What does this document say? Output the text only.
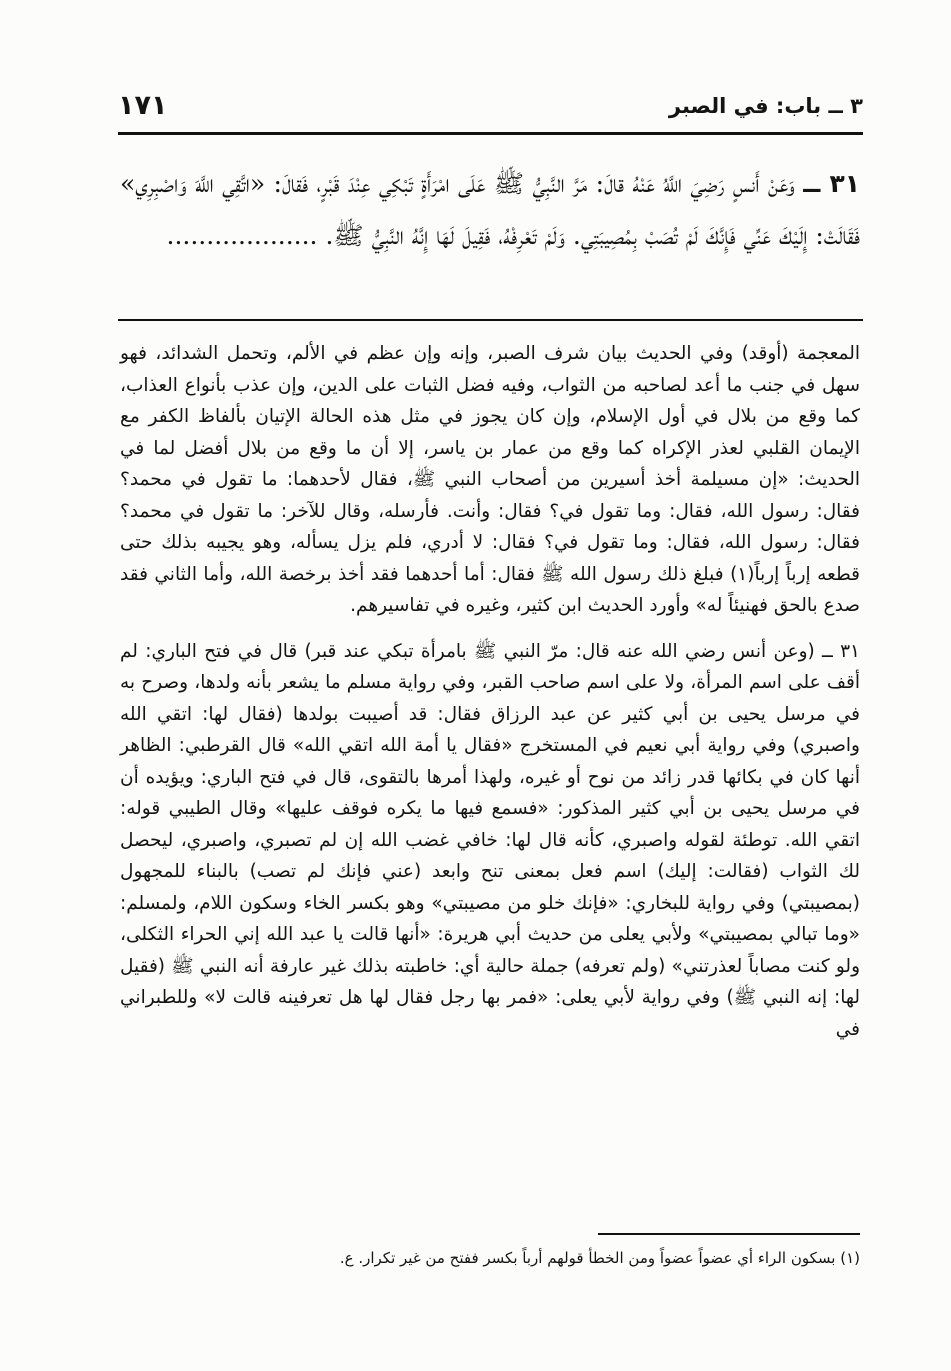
٣ ــ باب: في الصبر
١٧١
٣١ ــ وَعَنْ أَنسٍ رَضِيَ اللَّهُ عَنْهُ قالَ: مَرَّ النَّبِيُّ ﷺ عَلَى امْرَأَةٍ تَبْكِي عِنْدَ قَبْرٍ، فَقالَ: «اتَّقِي اللَّهَ وَاصْبِرِي» فَقَالَتْ: إِلَيْكَ عَنِّي فَإِنَّكَ لَمْ تُصَبْ بِمُصِيبَتِي. وَلَمْ تَعْرِفْهُ، فَقِيلَ لَهَا إِنَّهُ النَّبِيُّ ﷺ. ...................

المعجمة (أوقد) وفي الحديث بيان شرف الصبر، وإنه وإن عظم في الألم، وتحمل الشدائد، فهو سهل في جنب ما أعد لصاحبه من الثواب، وفيه فضل الثبات على الدين، وإن عذب بأنواع العذاب، كما وقع من بلال في أول الإسلام، وإن كان يجوز في مثل هذه الحالة الإتيان بألفاظ الكفر مع الإيمان القلبي لعذر الإكراه كما وقع من عمار بن ياسر، إلا أن ما وقع من بلال أفضل لما في الحديث: «إن مسيلمة أخذ أسيرين من أصحاب النبي ﷺ، فقال لأحدهما: ما تقول في محمد؟ فقال: رسول الله، فقال: وما تقول في؟ فقال: وأنت. فأرسله، وقال للآخر: ما تقول في محمد؟ فقال: رسول الله، فقال: وما تقول في؟ فقال: لا أدري، فلم يزل يسأله، وهو يجيبه بذلك حتى قطعه إرباً إرباً(١) فبلغ ذلك رسول الله ﷺ فقال: أما أحدهما فقد أخذ برخصة الله، وأما الثاني فقد صدع بالحق فهنيئاً له» وأورد الحديث ابن كثير، وغيره في تفاسيرهم.

٣١ ــ (وعن أنس رضي الله عنه قال: مرّ النبي ﷺ بامرأة تبكي عند قبر) قال في فتح الباري: لم أقف على اسم المرأة، ولا على اسم صاحب القبر، وفي رواية مسلم ما يشعر بأنه ولدها، وصرح به في مرسل يحيى بن أبي كثير عن عبد الرزاق فقال: قد أصيبت بولدها (فقال لها: اتقي الله واصبري) وفي رواية أبي نعيم في المستخرج «فقال يا أمة الله اتقي الله» قال القرطبي: الظاهر أنها كان في بكائها قدر زائد من نوح أو غيره، ولهذا أمرها بالتقوى، قال في فتح الباري: ويؤيده أن في مرسل يحيى بن أبي كثير المذكور: «فسمع فيها ما يكره فوقف عليها» وقال الطيبي قوله: اتقي الله. توطئة لقوله واصبري، كأنه قال لها: خافي غضب الله إن لم تصبري، واصبري، ليحصل لك الثواب (فقالت: إليك) اسم فعل بمعنى تنح وابعد (عني فإنك لم تصب) بالبناء للمجهول (بمصيبتي) وفي رواية للبخاري: «فإنك خلو من مصيبتي» وهو بكسر الخاء وسكون اللام، ولمسلم: «وما تبالي بمصيبتي» ولأبي يعلى من حديث أبي هريرة: «أنها قالت يا عبد الله إني الحراء الثكلى، ولو كنت مصاباً لعذرتني» (ولم تعرفه) جملة حالية أي: خاطبته بذلك غير عارفة أنه النبي ﷺ (فقيل لها: إنه النبي ﷺ) وفي رواية لأبي يعلى: «فمر بها رجل فقال لها هل تعرفينه قالت لا» وللطبراني في

(١) بسكون الراء أي عضواً عضواً ومن الخطأ قولهم أرباً بكسر ففتح من غير تكرار. ع.
